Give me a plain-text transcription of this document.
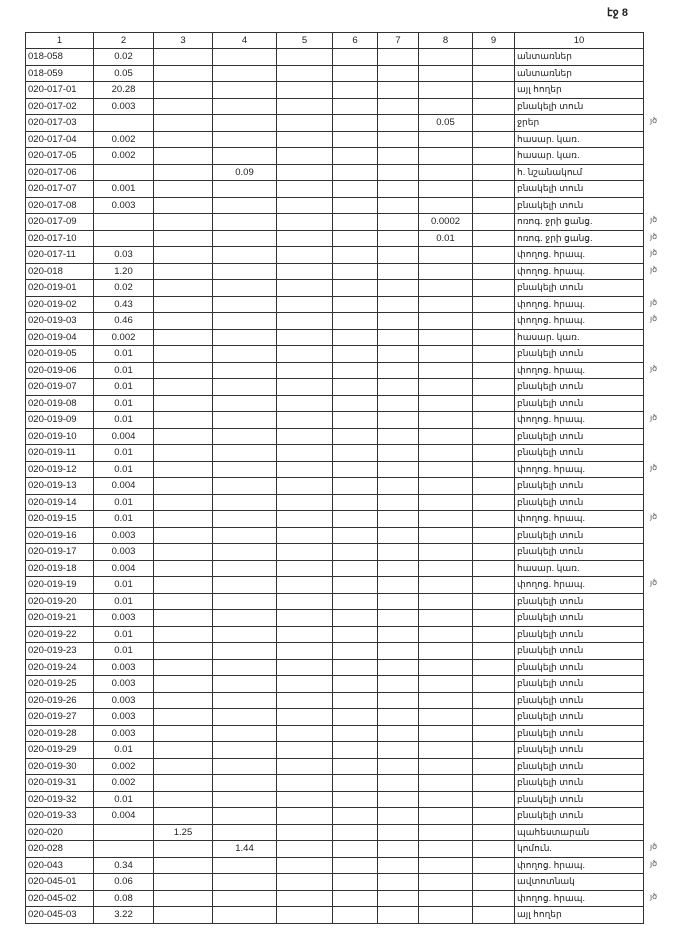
էջ 8
1	2	3	4	5	6	7	8	9	10
018-058	0.02								անտառներ
018-059	0.05								անտառներ
020-017-01	20.28								այլ հողեր
020-017-02	0.003								բնակելի տուն
020-017-03							0.05		ջրեր
020-017-04	0.002								հասար. կառ.
020-017-05	0.002								հասար. կառ.
020-017-06			0.09						հ. նշանակում
020-017-07	0.001								բնակելի տուն
020-017-08	0.003								բնակելի տուն
020-017-09							0.0002		ոռոգ. ջրի ցանց.
020-017-10							0.01		ոռոգ. ջրի ցանց.
020-017-11	0.03								փողոց. հրապ.
020-018	1.20								փողոց. հրապ.
020-019-01	0.02								բնակելի տուն
020-019-02	0.43								փողոց. հրապ.
020-019-03	0.46								փողոց. հրապ.
020-019-04	0.002								հասար. կառ.
020-019-05	0.01								բնակելի տուն
020-019-06	0.01								փողոց. հրապ.
020-019-07	0.01								բնակելի տուն
020-019-08	0.01								բնակելի տուն
020-019-09	0.01								փողոց. հրապ.
020-019-10	0.004								բնակելի տուն
020-019-11	0.01								բնակելի տուն
020-019-12	0.01								փողոց. հրապ.
020-019-13	0.004								բնակելի տուն
020-019-14	0.01								բնակելի տուն
020-019-15	0.01								փողոց. հրապ.
020-019-16	0.003								բնակելի տուն
020-019-17	0.003								բնակելի տուն
020-019-18	0.004								հասար. կառ.
020-019-19	0.01								փողոց. հրապ.
020-019-20	0.01								բնակելի տուն
020-019-21	0.003								բնակելի տուն
020-019-22	0.01								բնակելի տուն
020-019-23	0.01								բնակելի տուն
020-019-24	0.003								բնակելի տուն
020-019-25	0.003								բնակելի տուն
020-019-26	0.003								բնակելի տուն
020-019-27	0.003								բնակելի տուն
020-019-28	0.003								բնակելի տուն
020-019-29	0.01								բնակելի տուն
020-019-30	0.002								բնակելի տուն
020-019-31	0.002								բնակելի տուն
020-019-32	0.01								բնակելի տուն
020-019-33	0.004								բնակելի տուն
020-020		1.25							պահեստարան
020-028			1.44						կոմուն.
020-043	0.34								փողոց. հրապ.
020-045-01	0.06								ավտոտնակ
020-045-02	0.08								փողոց. հրապ.
020-045-03	3.22								այլ հողեր
յծ
յծ
յծ
յծ
յծ
յծ
յծ
յծ
յծ
յծ
յծ
յծ
յծ
յծ
յծ
